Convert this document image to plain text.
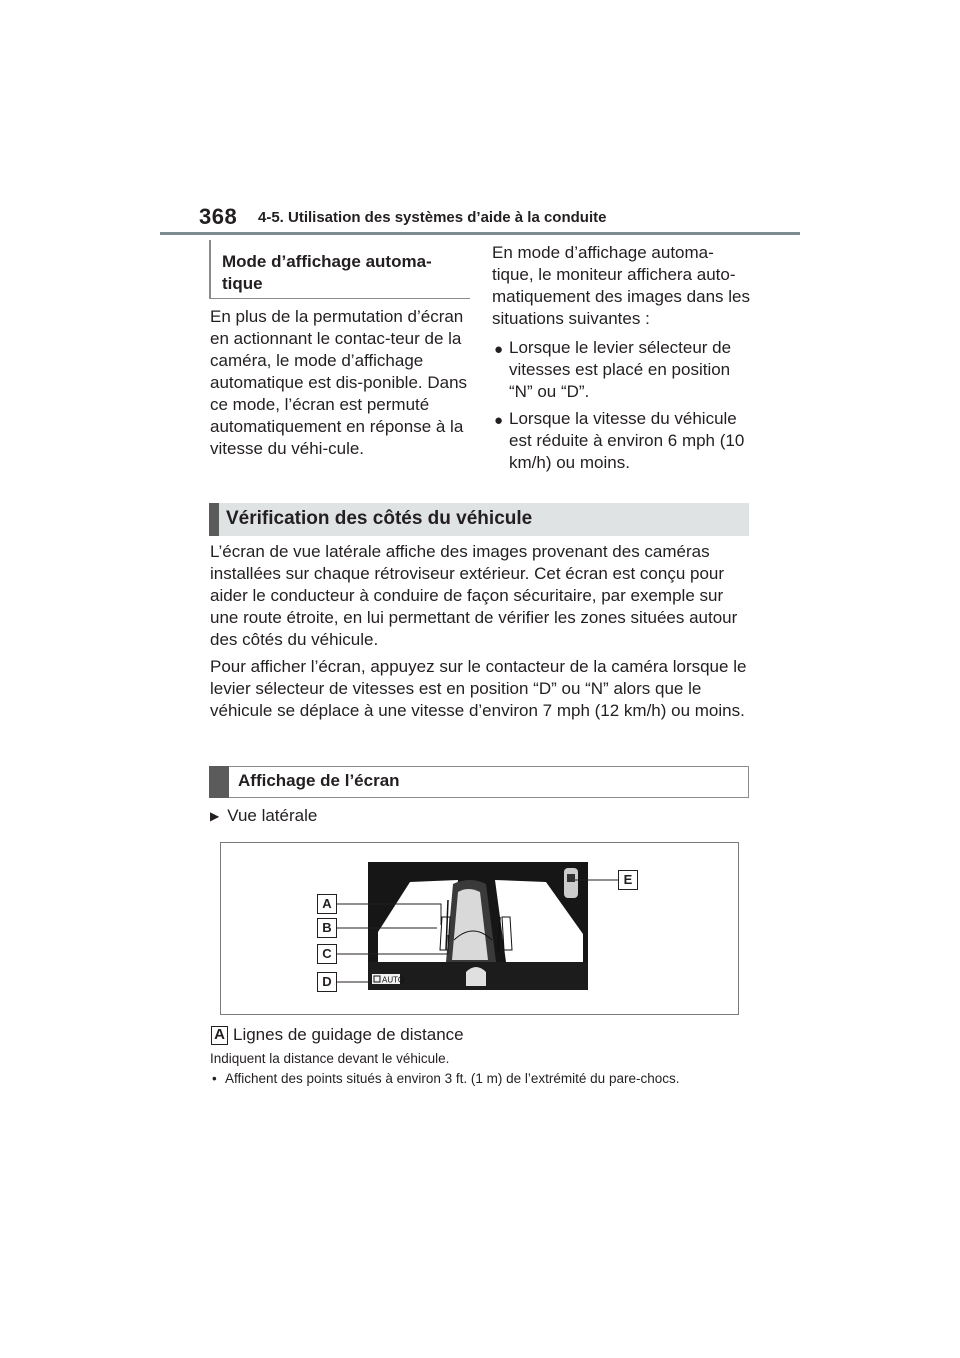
368 4-5. Utilisation des systèmes d’aide à la conduite
Mode d’affichage automa-tique
En plus de la permutation d’écran en actionnant le contac-teur de la caméra, le mode d’affichage automatique est dis-ponible. Dans ce mode, l’écran est permuté automatiquement en réponse à la vitesse du véhi-cule.
En mode d’affichage automa-tique, le moniteur affichera auto-matiquement des images dans les situations suivantes :
● Lorsque le levier sélecteur de vitesses est placé en position “N” ou “D”.
● Lorsque la vitesse du véhicule est réduite à environ 6 mph (10 km/h) ou moins.
Vérification des côtés du véhicule
L’écran de vue latérale affiche des images provenant des caméras installées sur chaque rétroviseur extérieur. Cet écran est conçu pour aider le conducteur à conduire de façon sécuritaire, par exemple sur une route étroite, en lui permettant de vérifier les zones situées autour des côtés du véhicule.
Pour afficher l’écran, appuyez sur le contacteur de la caméra lorsque le levier sélecteur de vitesses est en position “D” ou “N” alors que le véhicule se déplace à une vitesse d’environ 7 mph (12 km/h) ou moins.
Affichage de l’écran
▶ Vue latérale
AUTO
A
B
C
D
E
A Lignes de guidage de distance
Indiquent la distance devant le véhicule.
• Affichent des points situés à environ 3 ft. (1 m) de l’extrémité du pare-chocs.
